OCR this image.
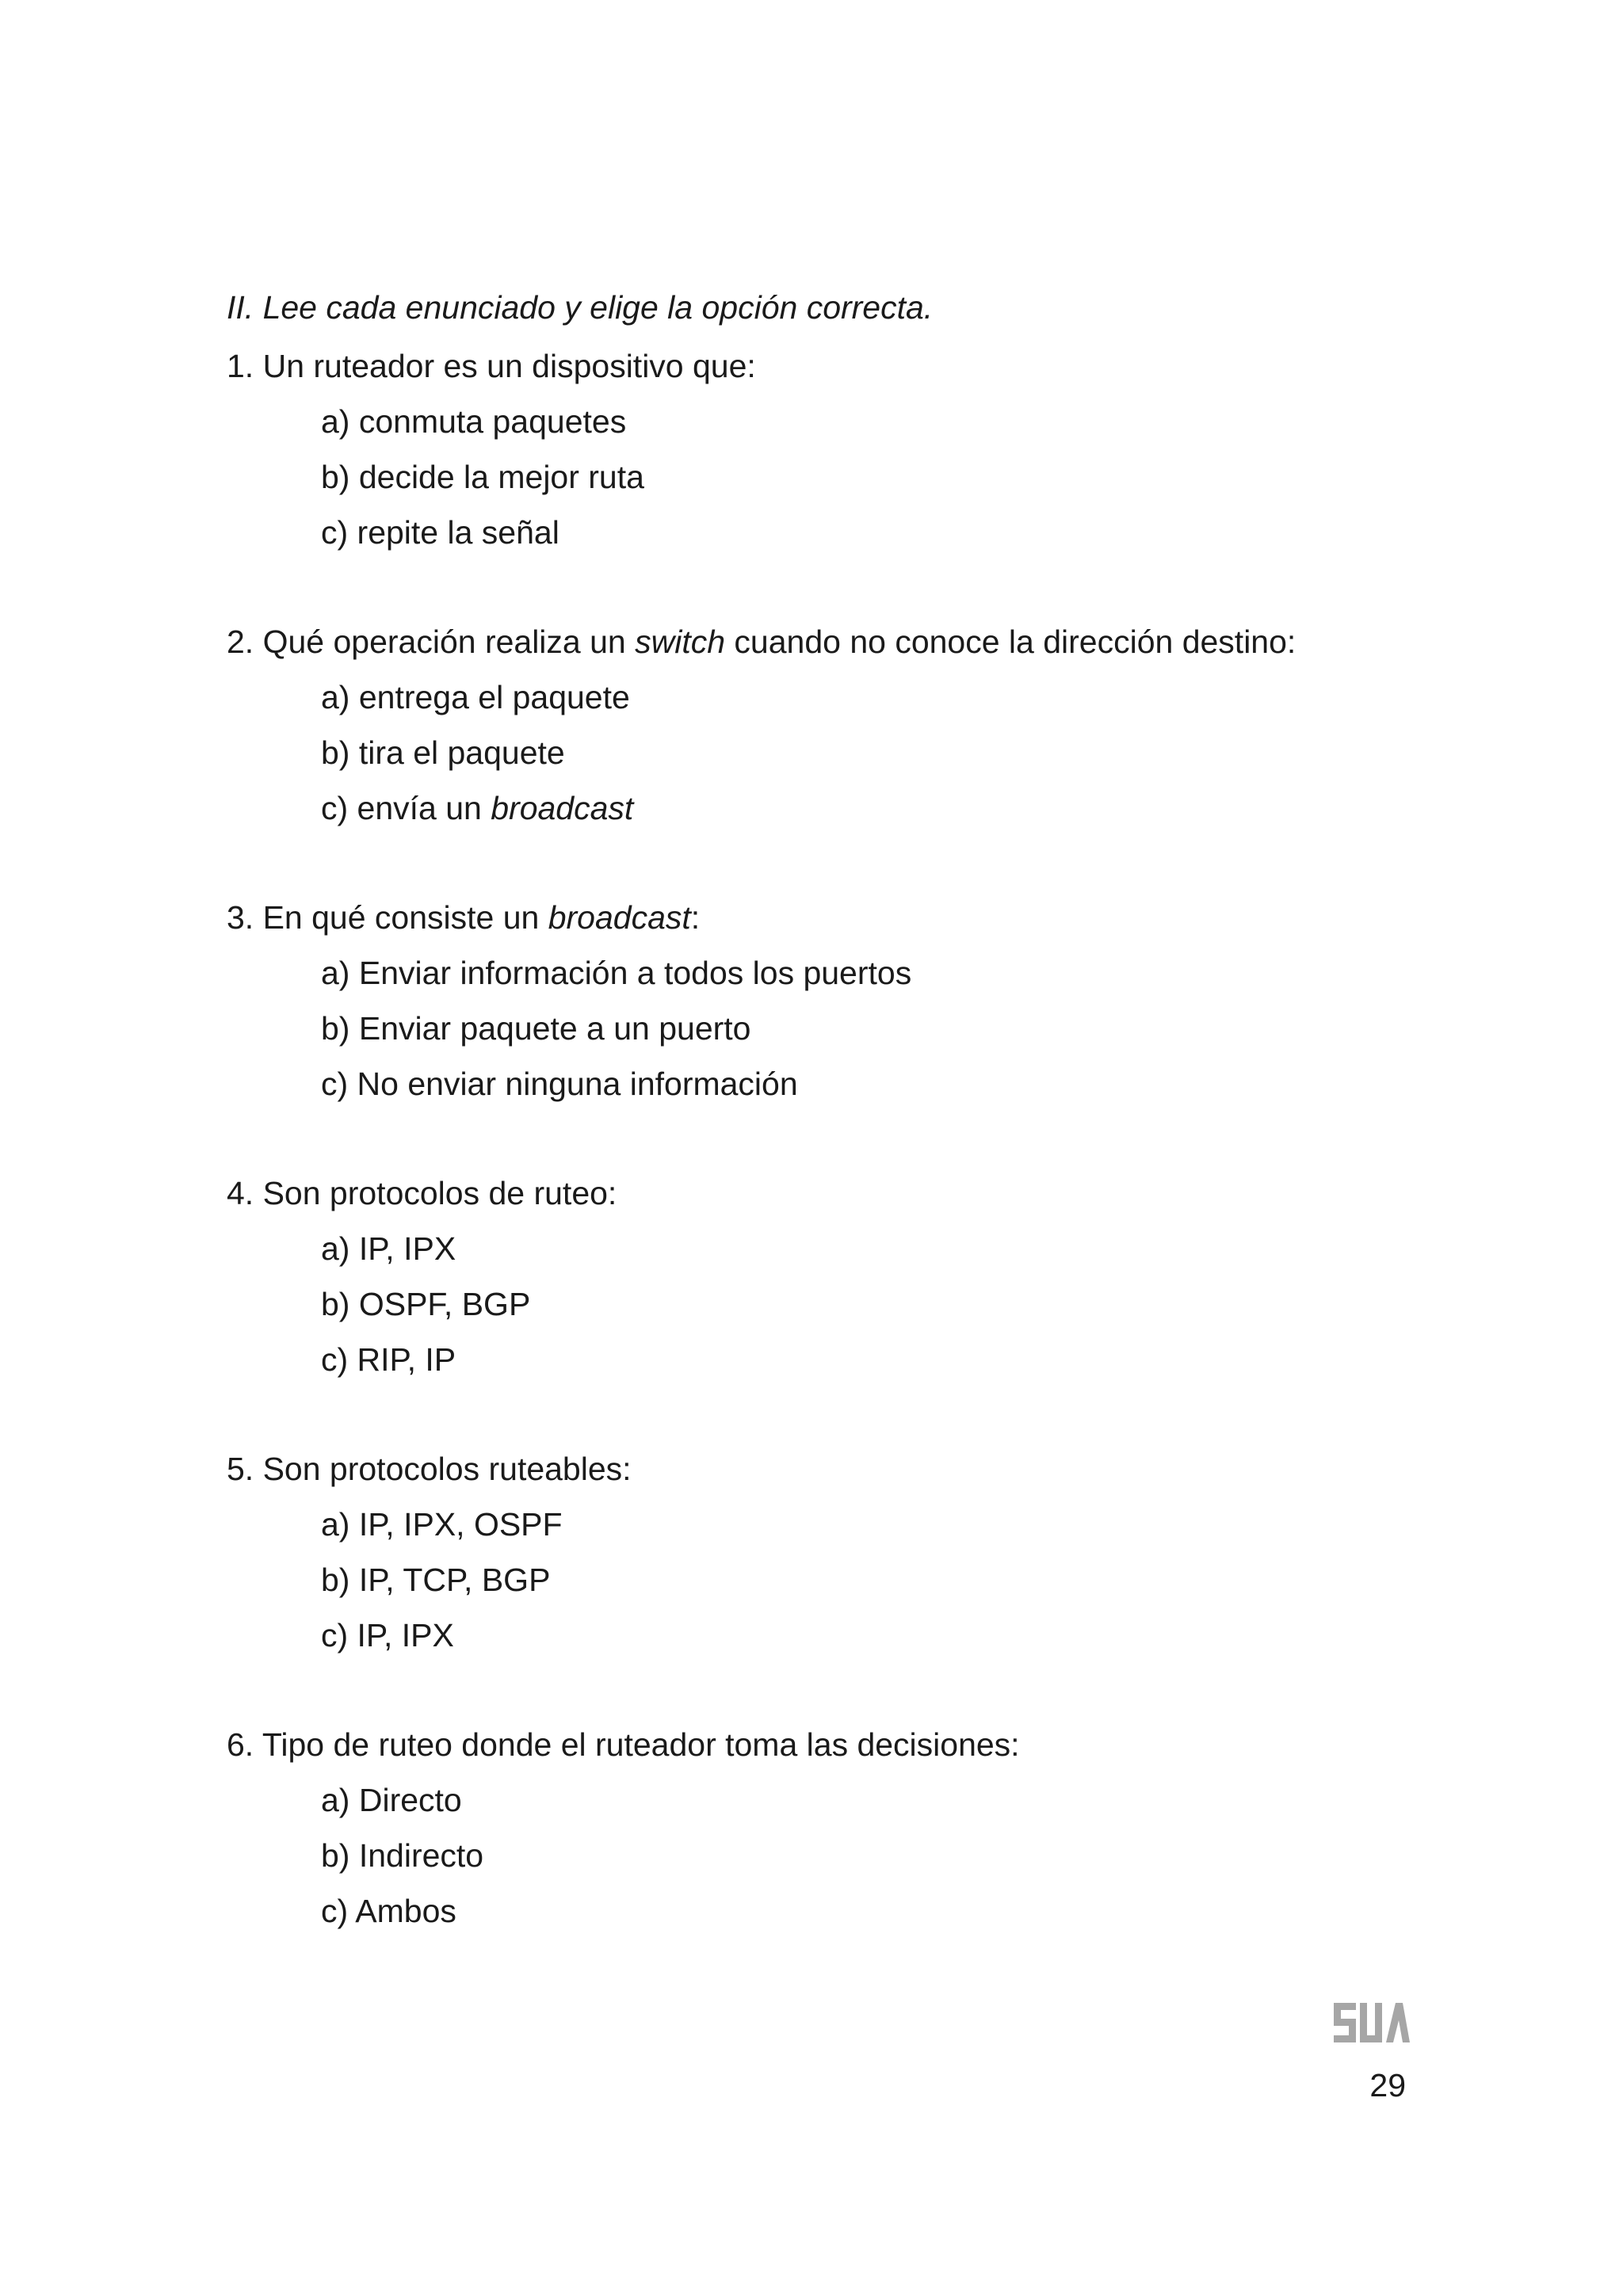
II. Lee cada enunciado y elige la opción correcta.
1. Un ruteador es un dispositivo que:
a) conmuta paquetes
b) decide la mejor ruta
c) repite la señal
2. Qué operación realiza un switch cuando no conoce la dirección destino:
a) entrega el paquete
b) tira el paquete
c) envía un broadcast
3. En qué consiste un broadcast:
a) Enviar información a todos los puertos
b) Enviar paquete a un puerto
c) No enviar ninguna información
4. Son protocolos de ruteo:
a) IP, IPX
b) OSPF, BGP
c) RIP, IP
5. Son protocolos ruteables:
a) IP, IPX, OSPF
b) IP, TCP, BGP
c) IP, IPX
6. Tipo de ruteo donde el ruteador toma las decisiones:
a) Directo
b) Indirecto
c) Ambos
29
